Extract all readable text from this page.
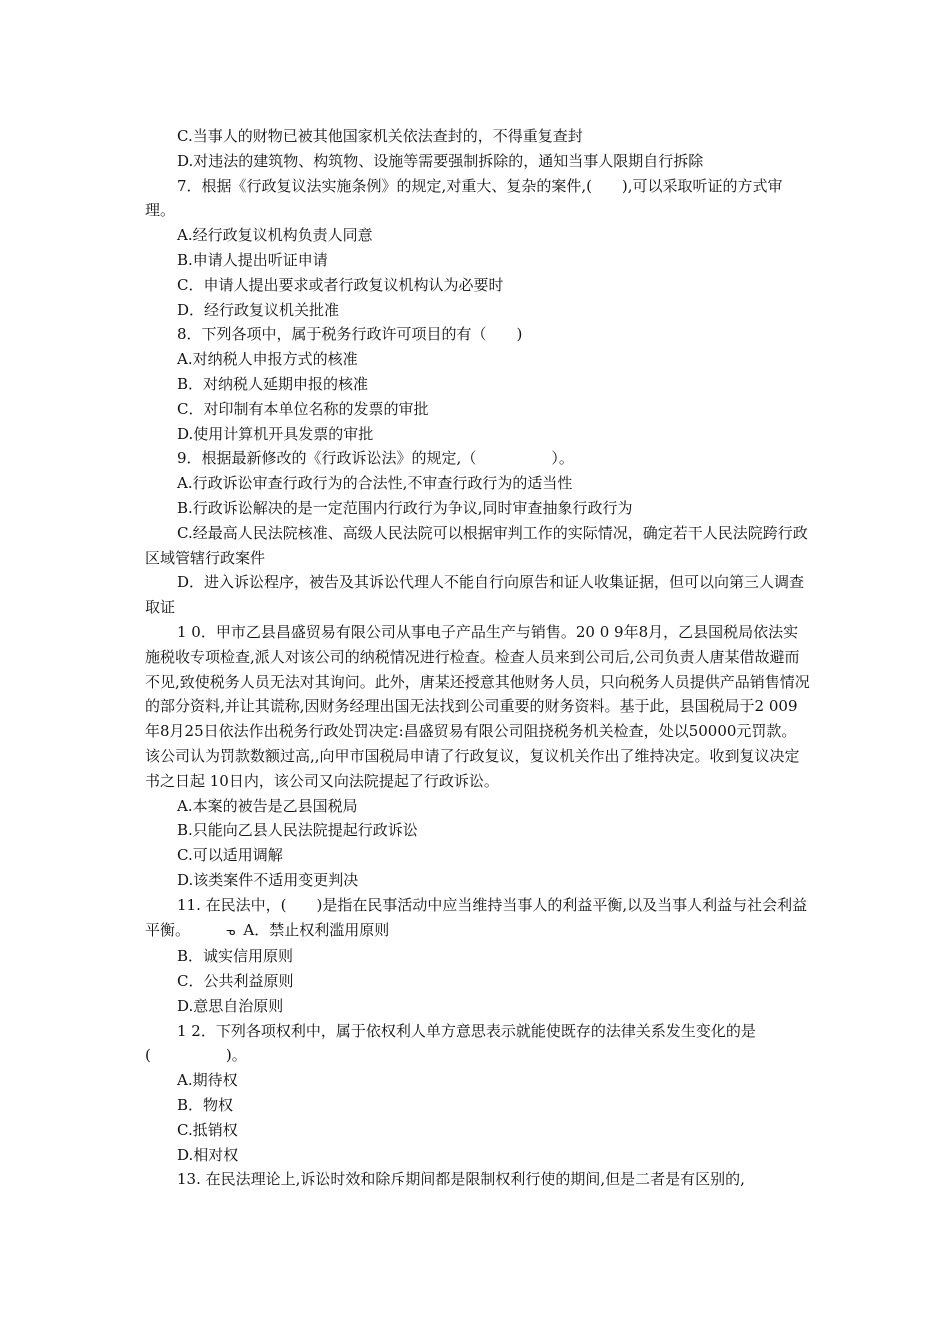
C.当事人的财物已被其他国家机关依法查封的，不得重复查封
D.对违法的建筑物、构筑物、设施等需要强制拆除的，通知当事人限期自行拆除
7．根据《行政复议法实施条例》的规定,对重大、复杂的案件,(　　),可以采取听证的方式审理。
A.经行政复议机构负责人同意
B.申请人提出听证申请
C．申请人提出要求或者行政复议机构认为必要时
D．经行政复议机关批准
8．下列各项中，属于税务行政许可项目的有（　　)
A.对纳税人申报方式的核准
B．对纳税人延期申报的核准
C．对印制有本单位名称的发票的审批
D.使用计算机开具发票的审批
9．根据最新修改的《行政诉讼法》的规定,（　　　　　）。
A.行政诉讼审查行政行为的合法性,不审查行政行为的适当性
B.行政诉讼解决的是一定范围内行政行为争议,同时审查抽象行政行为
C.经最高人民法院核准、高级人民法院可以根据审判工作的实际情况，确定若干人民法院跨行政区域管辖行政案件
D．进入诉讼程序，被告及其诉讼代理人不能自行向原告和证人收集证据，但可以向第三人调查取证
1 0．甲市乙县昌盛贸易有限公司从事电子产品生产与销售。20 0 9年8月，乙县国税局依法实施税收专项检查,派人对该公司的纳税情况进行检查。检查人员来到公司后,公司负责人唐某借故避而不见,致使税务人员无法对其询问。此外，唐某还授意其他财务人员，只向税务人员提供产品销售情况的部分资料,并让其谎称,因财务经理出国无法找到公司重要的财务资料。基于此，县国税局于2 009年8月25日依法作出税务行政处罚决定:昌盛贸易有限公司阻挠税务机关检查，处以50000元罚款。该公司认为罚款数额过高,,向甲市国税局申请了行政复议，复议机关作出了维持决定。收到复议决定书之日起 10日内，该公司又向法院提起了行政诉讼。
A.本案的被告是乙县国税局
B.只能向乙县人民法院提起行政诉讼
C.可以适用调解
D.该类案件不适用变更判决
11. 在民法中，(　　)是指在民事活动中应当维持当事人的利益平衡,以及当事人利益与社会利益平衡。	ᓀ A．禁止权利滥用原则
B．诚实信用原则
C．公共利益原则
D.意思自治原则
1 2．下列各项权利中，属于依权利人单方意思表示就能使既存的法律关系发生变化的是(　　　　　)。
A.期待权
B．物权
C.抵销权
D.相对权
13. 在民法理论上,诉讼时效和除斥期间都是限制权利行使的期间,但是二者是有区别的,
